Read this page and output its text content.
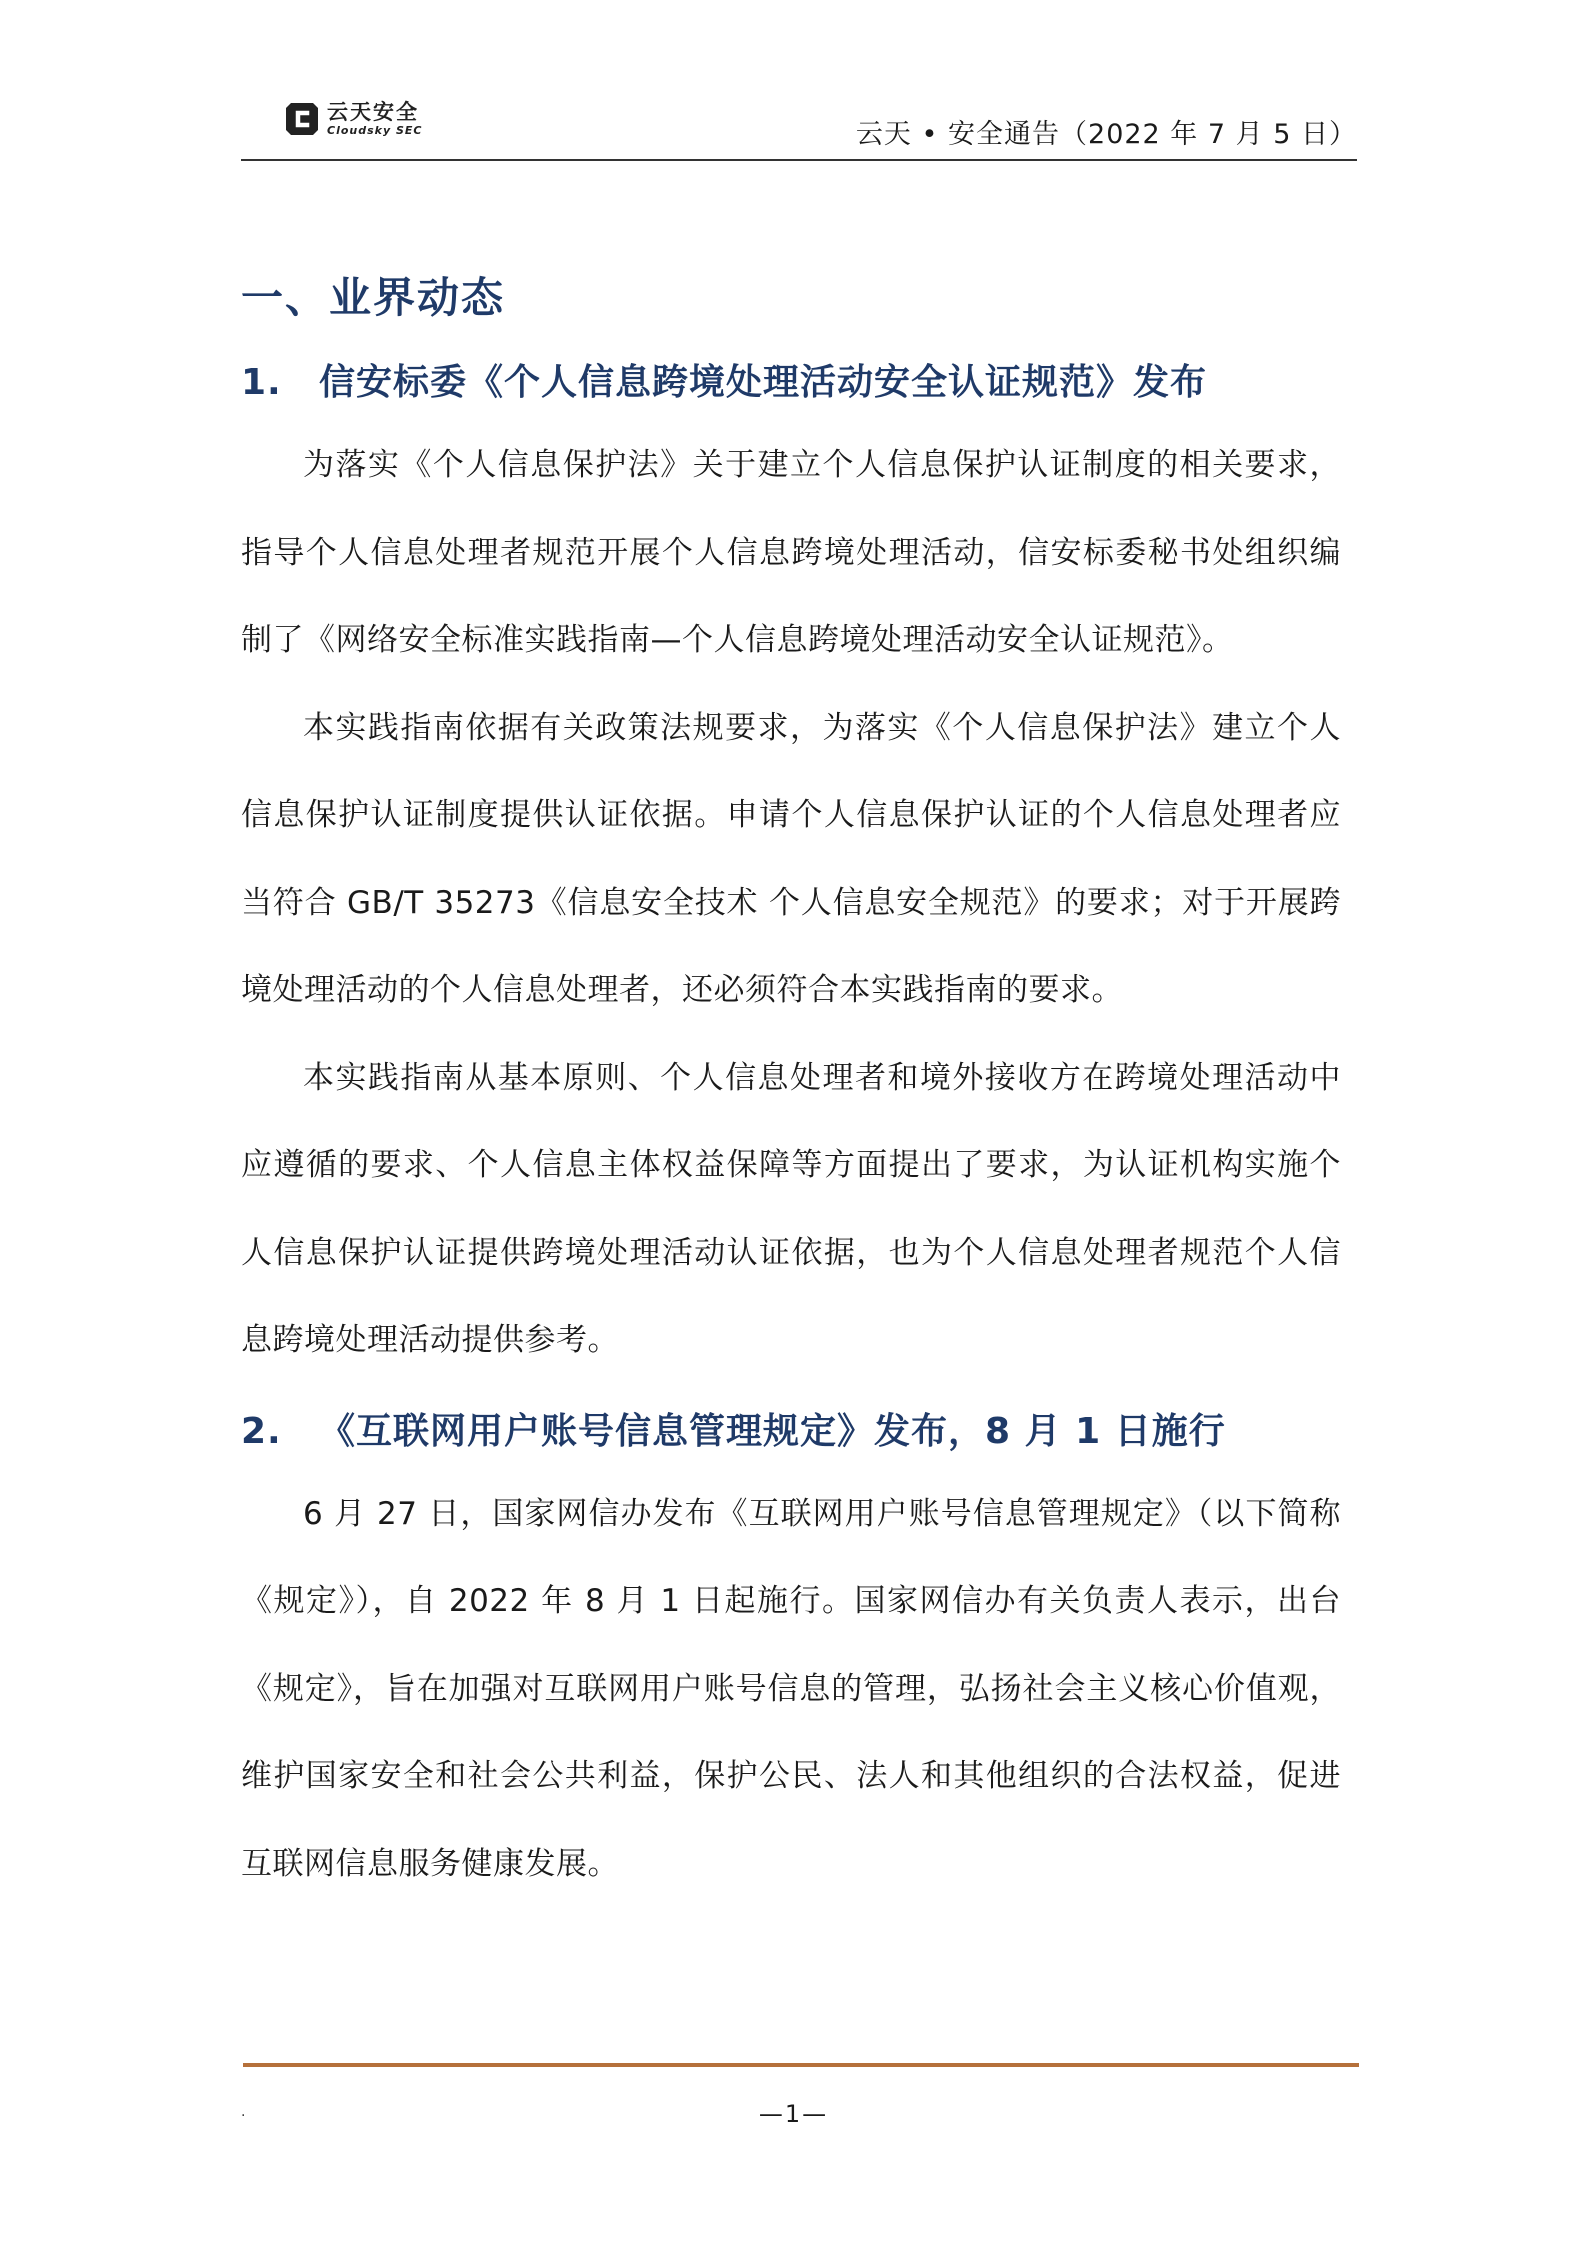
云天安全
Cloudsky SEC	云天 • 安全通告（2022 年 7 月 5 日）
一、业界动态
1. 信安标委《个人信息跨境处理活动安全认证规范》发布

为落实《个人信息保护法》关于建立个人信息保护认证制度的相关要求，指导个人信息处理者规范开展个人信息跨境处理活动，信安标委秘书处组织编制了《网络安全标准实践指南—个人信息跨境处理活动安全认证规范》。

本实践指南依据有关政策法规要求，为落实《个人信息保护法》建立个人信息保护认证制度提供认证依据。申请个人信息保护认证的个人信息处理者应当符合 GB/T 35273《信息安全技术 个人信息安全规范》的要求；对于开展跨境处理活动的个人信息处理者，还必须符合本实践指南的要求。

本实践指南从基本原则、个人信息处理者和境外接收方在跨境处理活动中应遵循的要求、个人信息主体权益保障等方面提出了要求，为认证机构实施个人信息保护认证提供跨境处理活动认证依据，也为个人信息处理者规范个人信息跨境处理活动提供参考。

2. 《互联网用户账号信息管理规定》发布，8 月 1 日施行

6 月 27 日，国家网信办发布《互联网用户账号信息管理规定》（以下简称《规定》），自 2022 年 8 月 1 日起施行。国家网信办有关负责人表示，出台《规定》，旨在加强对互联网用户账号信息的管理，弘扬社会主义核心价值观，维护国家安全和社会公共利益，保护公民、法人和其他组织的合法权益，促进互联网信息服务健康发展。

.	—1—
